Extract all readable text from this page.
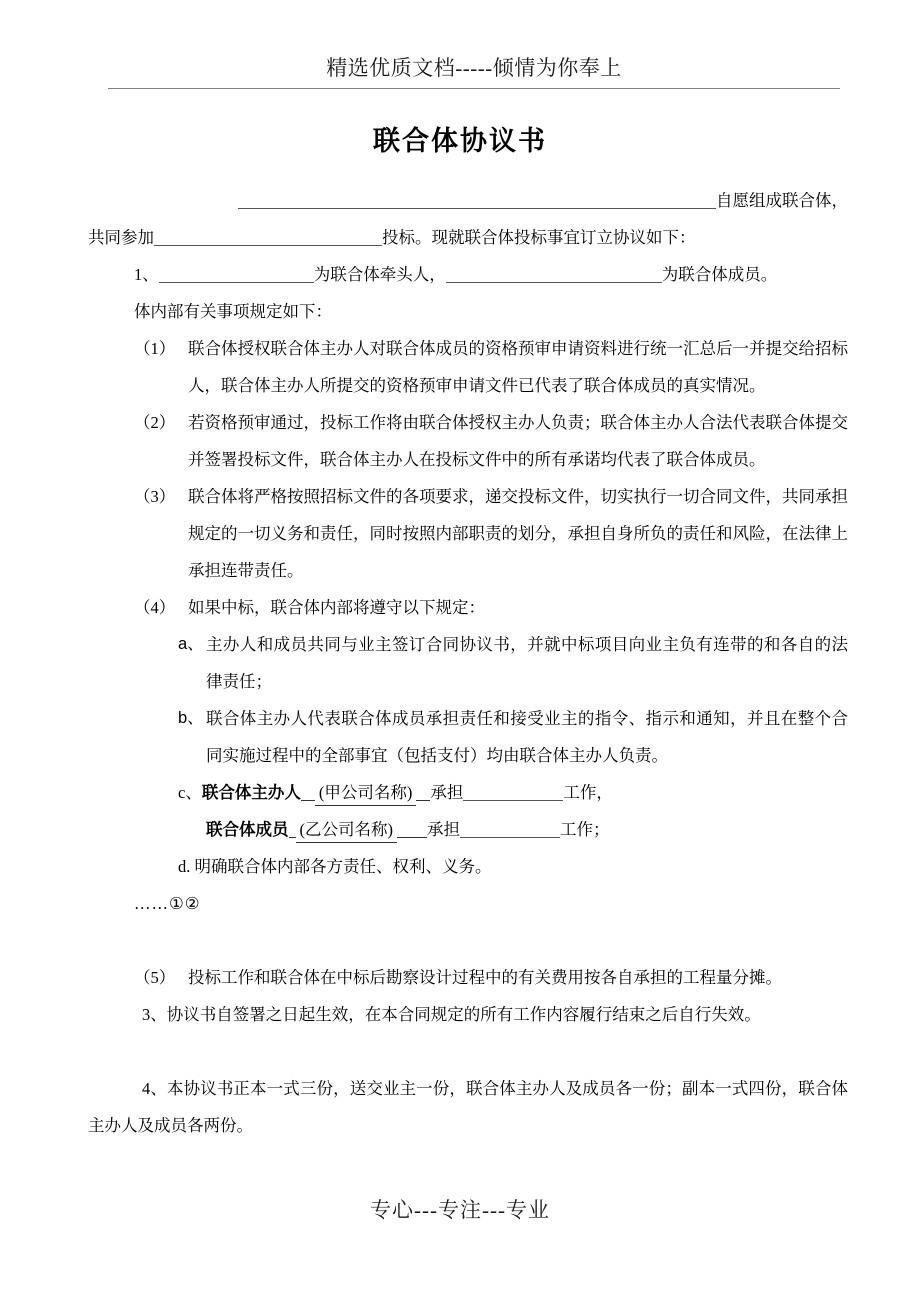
精选优质文档-----倾情为你奉上
联合体协议书

自愿组成联合体，

共同参加	投标。现就联合体投标事宜订立协议如下：

1、	为联合体牵头人，	为联合体成员。

体内部有关事项规定如下：

（1） 联合体授权联合体主办人对联合体成员的资格预审申请资料进行统一汇总后一并提交给招标人，联合体主办人所提交的资格预审申请文件已代表了联合体成员的真实情况。
（2） 若资格预审通过，投标工作将由联合体授权主办人负责；联合体主办人合法代表联合体提交并签署投标文件，联合体主办人在投标文件中的所有承诺均代表了联合体成员。
（3） 联合体将严格按照招标文件的各项要求，递交投标文件，切实执行一切合同文件，共同承担规定的一切义务和责任，同时按照内部职责的划分，承担自身所负的责任和风险，在法律上承担连带责任。
（4） 如果中标，联合体内部将遵守以下规定：
a、 主办人和成员共同与业主签订合同协议书，并就中标项目向业主负有连带的和各自的法律责任；
b、 联合体主办人代表联合体成员承担责任和接受业主的指令、指示和通知，并且在整个合同实施过程中的全部事宜（包括支付）均由联合体主办人负责。

c、联合体主办人 (甲公司名称) 承担	工作，

联合体成员 (乙公司名称) 承担	工作；

d. 明确联合体内部各方责任、权利、义务。

……①②

（5） 投标工作和联合体在中标后勘察设计过程中的有关费用按各自承担的工程量分摊。

3、协议书自签署之日起生效，在本合同规定的所有工作内容履行结束之后自行失效。

4、本协议书正本一式三份，送交业主一份，联合体主办人及成员各一份；副本一式四份，联合体主办人及成员各两份。

专心---专注---专业
